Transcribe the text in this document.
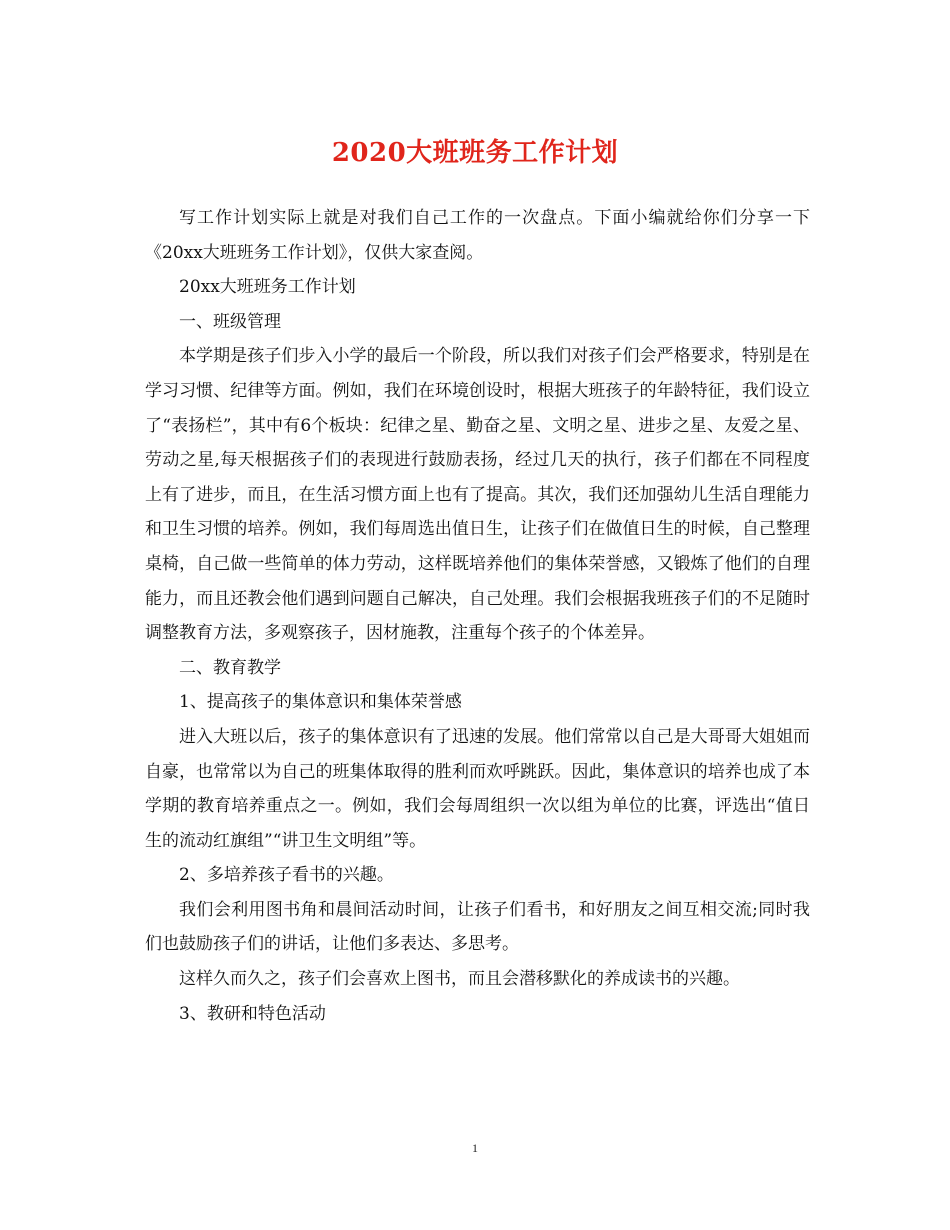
2020大班班务工作计划

写工作计划实际上就是对我们自己工作的一次盘点。下面小编就给你们分享一下《20xx大班班务工作计划》，仅供大家查阅。

20xx大班班务工作计划

一、班级管理

本学期是孩子们步入小学的最后一个阶段，所以我们对孩子们会严格要求，特别是在学习习惯、纪律等方面。例如，我们在环境创设时，根据大班孩子的年龄特征，我们设立了“表扬栏”，其中有6个板块：纪律之星、勤奋之星、文明之星、进步之星、友爱之星、劳动之星,每天根据孩子们的表现进行鼓励表扬，经过几天的执行，孩子们都在不同程度上有了进步，而且，在生活习惯方面上也有了提高。其次，我们还加强幼儿生活自理能力和卫生习惯的培养。例如，我们每周选出值日生，让孩子们在做值日生的时候，自己整理桌椅，自己做一些简单的体力劳动，这样既培养他们的集体荣誉感，又锻炼了他们的自理能力，而且还教会他们遇到问题自己解决，自己处理。我们会根据我班孩子们的不足随时调整教育方法，多观察孩子，因材施教，注重每个孩子的个体差异。

二、教育教学

1、提高孩子的集体意识和集体荣誉感

进入大班以后，孩子的集体意识有了迅速的发展。他们常常以自己是大哥哥大姐姐而自豪，也常常以为自己的班集体取得的胜利而欢呼跳跃。因此，集体意识的培养也成了本学期的教育培养重点之一。例如，我们会每周组织一次以组为单位的比赛，评选出“值日生的流动红旗组”“讲卫生文明组”等。

2、多培养孩子看书的兴趣。

我们会利用图书角和晨间活动时间，让孩子们看书，和好朋友之间互相交流;同时我们也鼓励孩子们的讲话，让他们多表达、多思考。

这样久而久之，孩子们会喜欢上图书，而且会潜移默化的养成读书的兴趣。

3、教研和特色活动

1
